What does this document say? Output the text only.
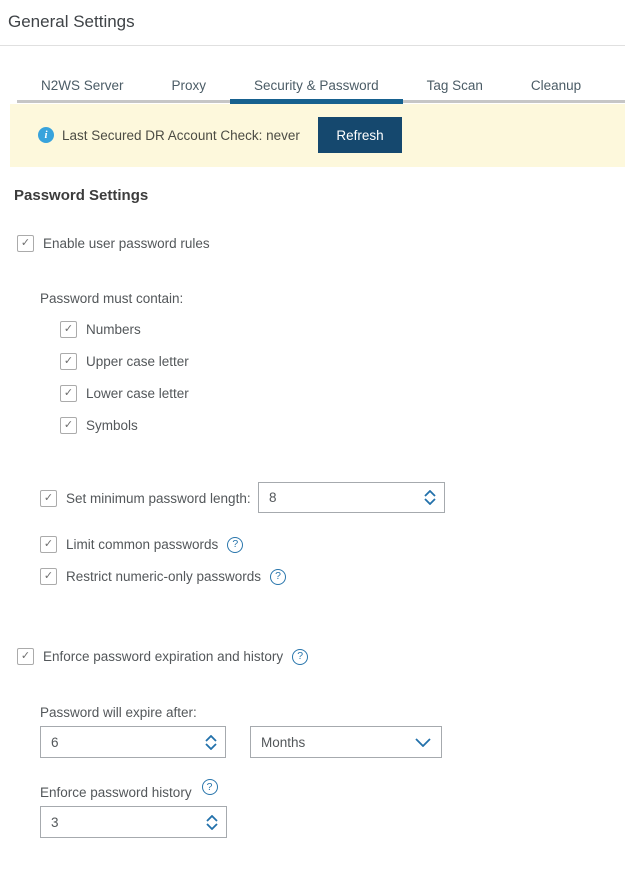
General Settings
N2WS Server	Proxy	Security & Password	Tag Scan	Cleanup
i	Last Secured DR Account Check: never	Refresh
Password Settings
✓ Enable user password rules
Password must contain:
✓ Numbers
✓ Upper case letter
✓ Lower case letter
✓ Symbols
✓ Set minimum password length:
8
✓ Limit common passwords	?
✓ Restrict numeric-only passwords	?
✓ Enforce password expiration and history	?
Password will expire after:
6
Months
Enforce password history	?
3
